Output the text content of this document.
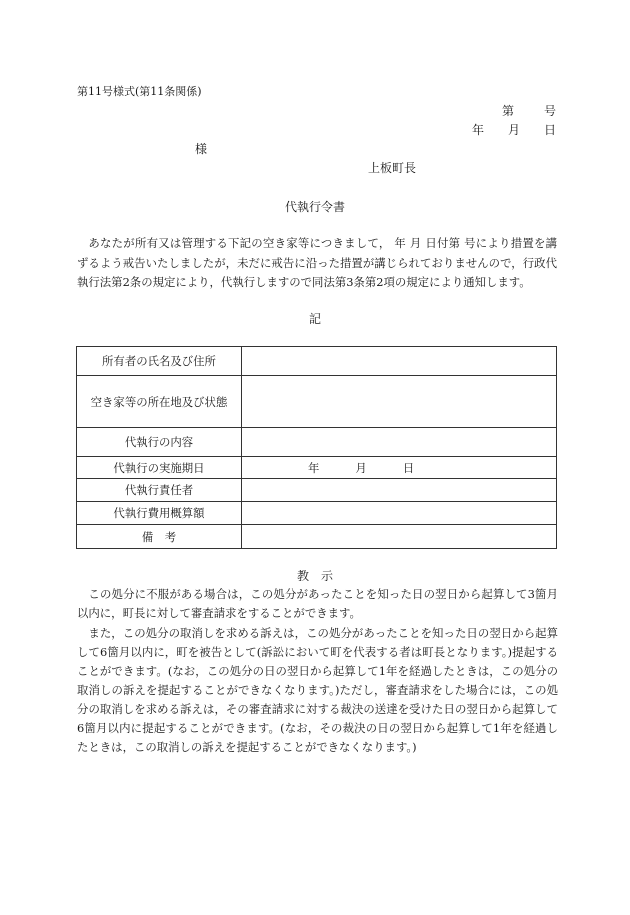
第11号様式(第11条関係)
第	号
年 月 日
様
上板町長
代執行令書
あなたが所有又は管理する下記の空き家等につきまして， 年 月 日付第 号により措置を講ずるよう戒告いたしましたが，未だに戒告に沿った措置が講じられておりませんので，行政代執行法第2条の規定により，代執行しますので同法第3条第2項の規定により通知します。
記
所有者の氏名及び住所	
空き家等の所在地及び状態	
代執行の内容	
代執行の実施期日	年 月 日
代執行責任者	
代執行費用概算額	
備　考	
教　示
この処分に不服がある場合は，この処分があったことを知った日の翌日から起算して3箇月以内に，町長に対して審査請求をすることができます。
また，この処分の取消しを求める訴えは，この処分があったことを知った日の翌日から起算して6箇月以内に，町を被告として(訴訟において町を代表する者は町長となります。)提起することができます。(なお，この処分の日の翌日から起算して1年を経過したときは，この処分の取消しの訴えを提起することができなくなります。)ただし，審査請求をした場合には，この処分の取消しを求める訴えは，その審査請求に対する裁決の送達を受けた日の翌日から起算して6箇月以内に提起することができます。(なお，その裁決の日の翌日から起算して1年を経過したときは，この取消しの訴えを提起することができなくなります。)
